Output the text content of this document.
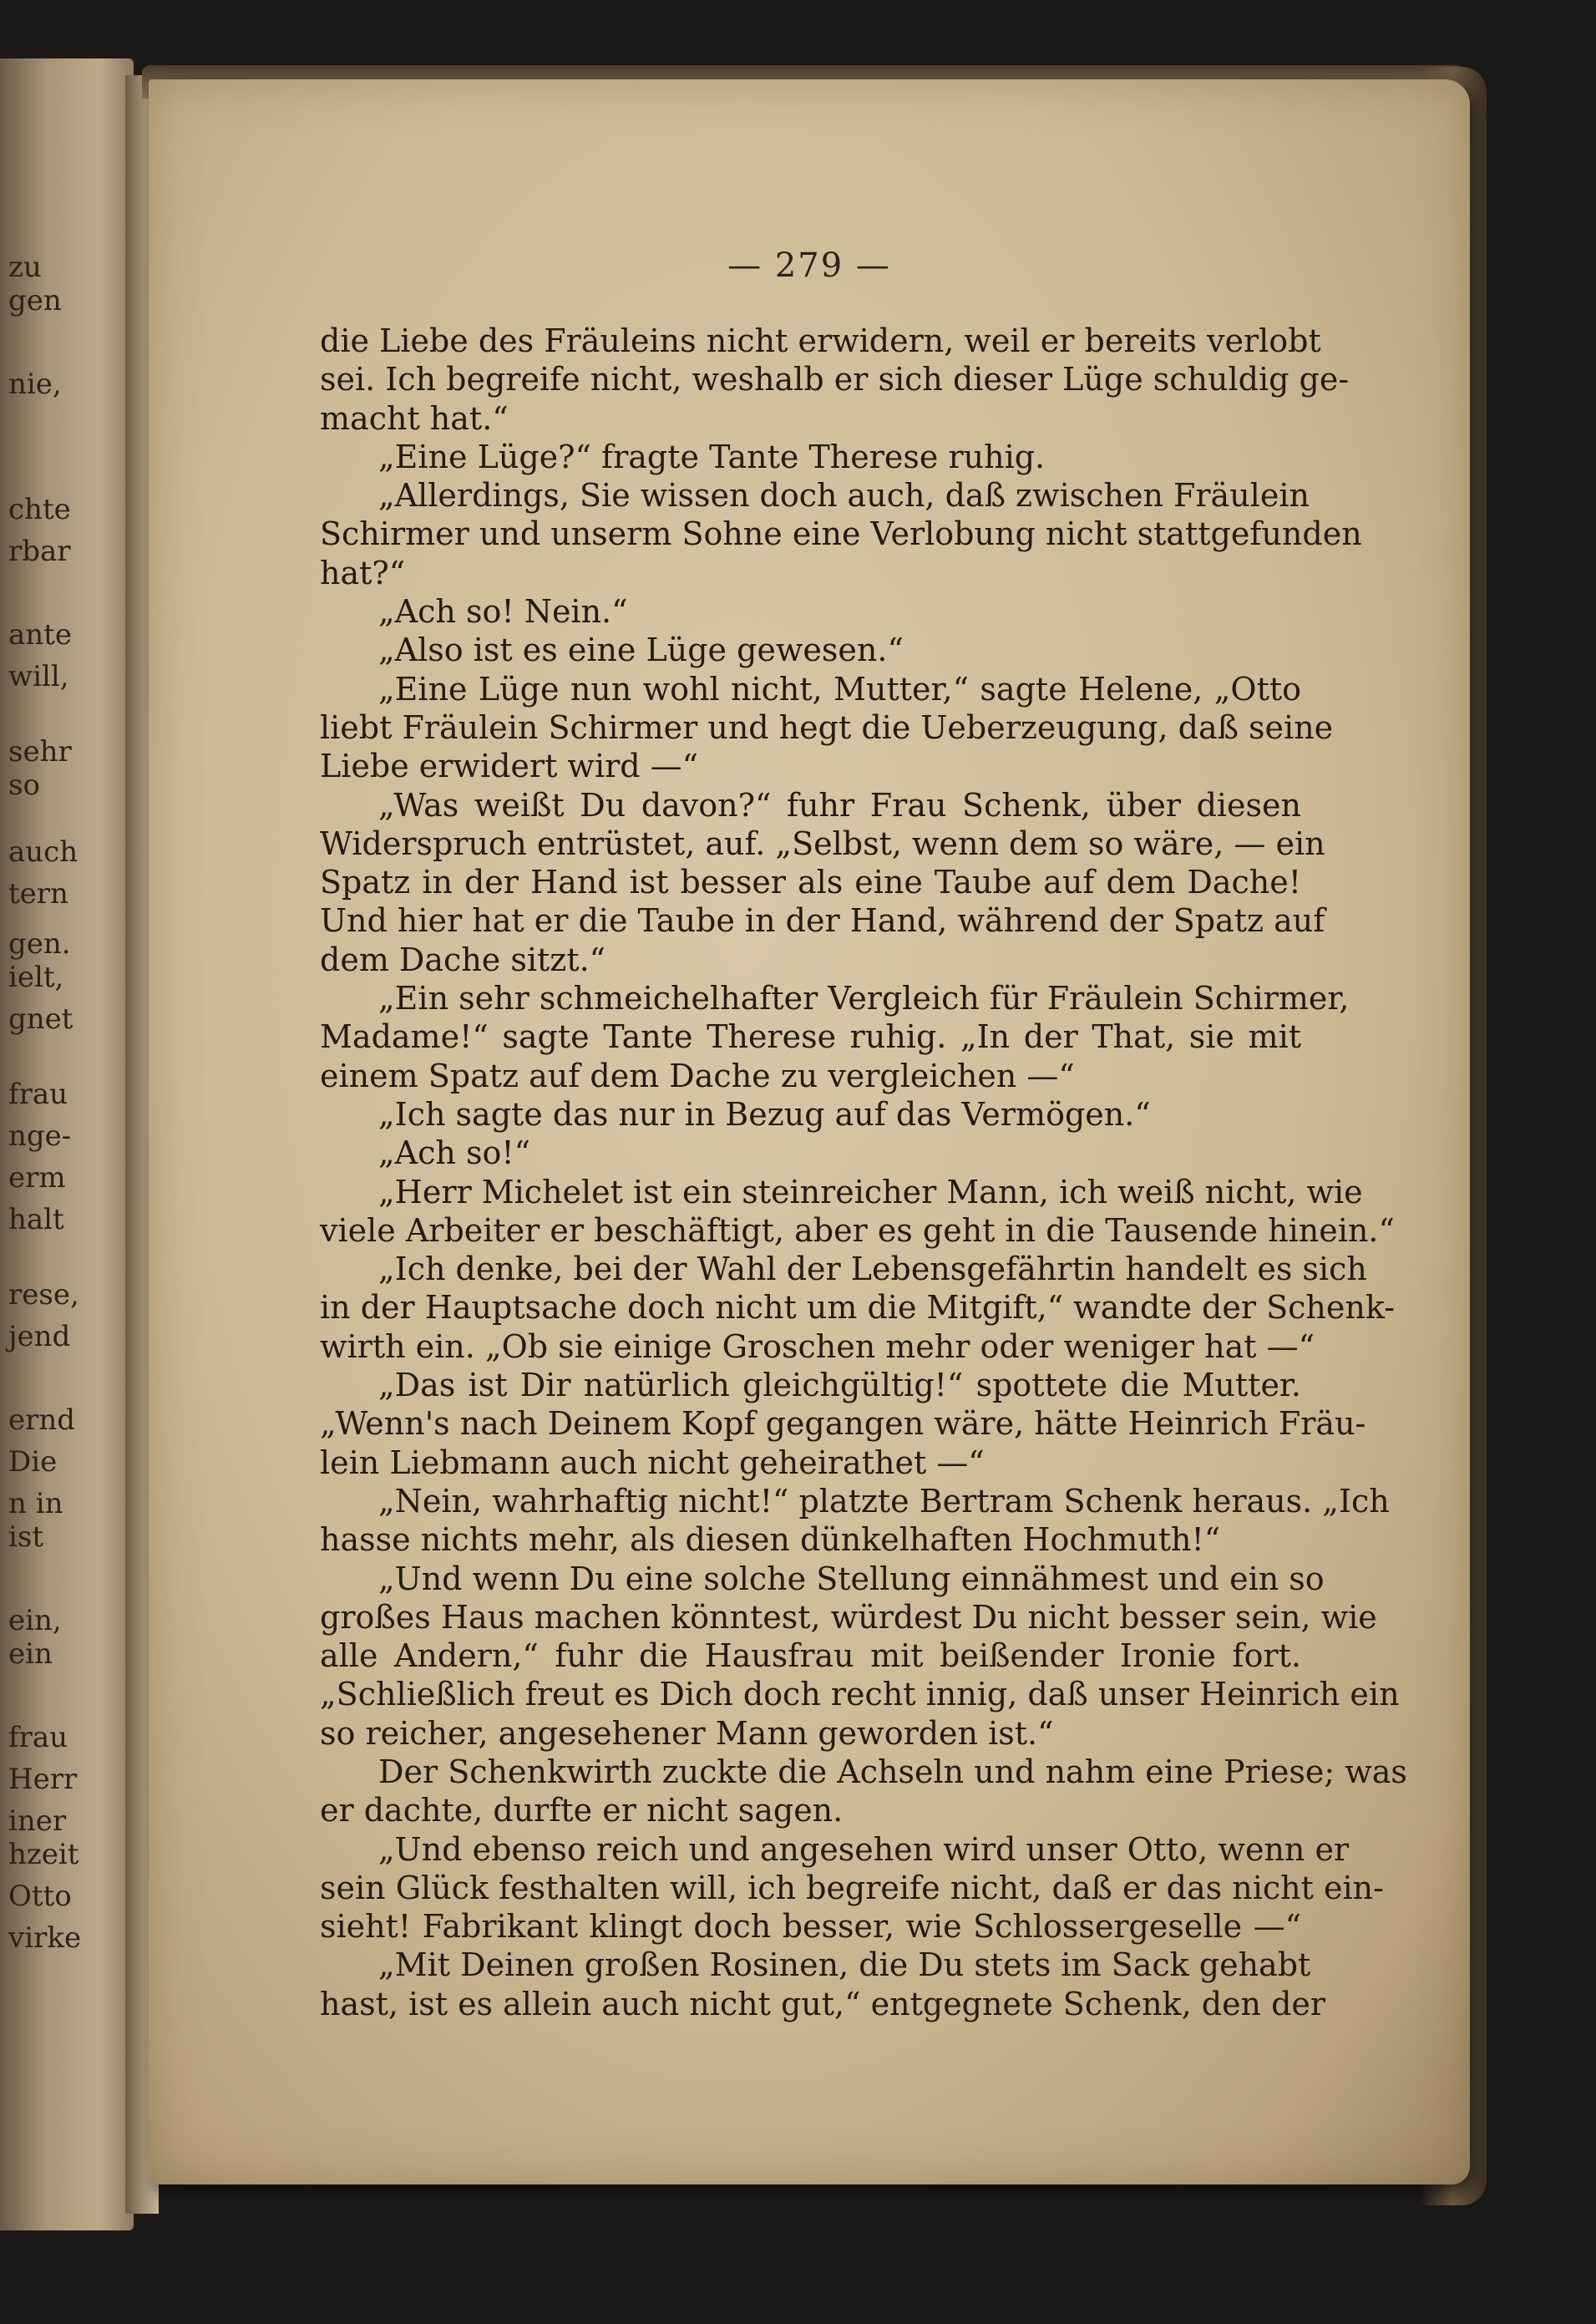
zu
gen
nie,
chte
rbar
ante
will,
sehr
so
auch
tern
gen.
ielt,
gnet
frau
nge-
erm
halt
rese,
jend
ernd
Die
n in
ist
ein,
ein
frau
Herr
iner
hzeit
Otto
virke
— 279 —
die Liebe des Fräuleins nicht erwidern, weil er bereits verlobt
sei. Ich begreife nicht, weshalb er sich dieser Lüge schuldig ge-
macht hat.“
„Eine Lüge?“ fragte Tante Therese ruhig.
„Allerdings, Sie wissen doch auch, daß zwischen Fräulein
Schirmer und unserm Sohne eine Verlobung nicht stattgefunden
hat?“
„Ach so! Nein.“
„Also ist es eine Lüge gewesen.“
„Eine Lüge nun wohl nicht, Mutter,“ sagte Helene, „Otto
liebt Fräulein Schirmer und hegt die Ueberzeugung, daß seine
Liebe erwidert wird —“
„Was weißt Du davon?“ fuhr Frau Schenk, über diesen
Widerspruch entrüstet, auf. „Selbst, wenn dem so wäre, — ein
Spatz in der Hand ist besser als eine Taube auf dem Dache!
Und hier hat er die Taube in der Hand, während der Spatz auf
dem Dache sitzt.“
„Ein sehr schmeichelhafter Vergleich für Fräulein Schirmer,
Madame!“ sagte Tante Therese ruhig. „In der That, sie mit
einem Spatz auf dem Dache zu vergleichen —“
„Ich sagte das nur in Bezug auf das Vermögen.“
„Ach so!“
„Herr Michelet ist ein steinreicher Mann, ich weiß nicht, wie
viele Arbeiter er beschäftigt, aber es geht in die Tausende hinein.“
„Ich denke, bei der Wahl der Lebensgefährtin handelt es sich
in der Hauptsache doch nicht um die Mitgift,“ wandte der Schenk-
wirth ein. „Ob sie einige Groschen mehr oder weniger hat —“
„Das ist Dir natürlich gleichgültig!“ spottete die Mutter.
„Wenn's nach Deinem Kopf gegangen wäre, hätte Heinrich Fräu-
lein Liebmann auch nicht geheirathet —“
„Nein, wahrhaftig nicht!“ platzte Bertram Schenk heraus. „Ich
hasse nichts mehr, als diesen dünkelhaften Hochmuth!“
„Und wenn Du eine solche Stellung einnähmest und ein so
großes Haus machen könntest, würdest Du nicht besser sein, wie
alle Andern,“ fuhr die Hausfrau mit beißender Ironie fort.
„Schließlich freut es Dich doch recht innig, daß unser Heinrich ein
so reicher, angesehener Mann geworden ist.“
Der Schenkwirth zuckte die Achseln und nahm eine Priese; was
er dachte, durfte er nicht sagen.
„Und ebenso reich und angesehen wird unser Otto, wenn er
sein Glück festhalten will, ich begreife nicht, daß er das nicht ein-
sieht! Fabrikant klingt doch besser, wie Schlossergeselle —“
„Mit Deinen großen Rosinen, die Du stets im Sack gehabt
hast, ist es allein auch nicht gut,“ entgegnete Schenk, den der
